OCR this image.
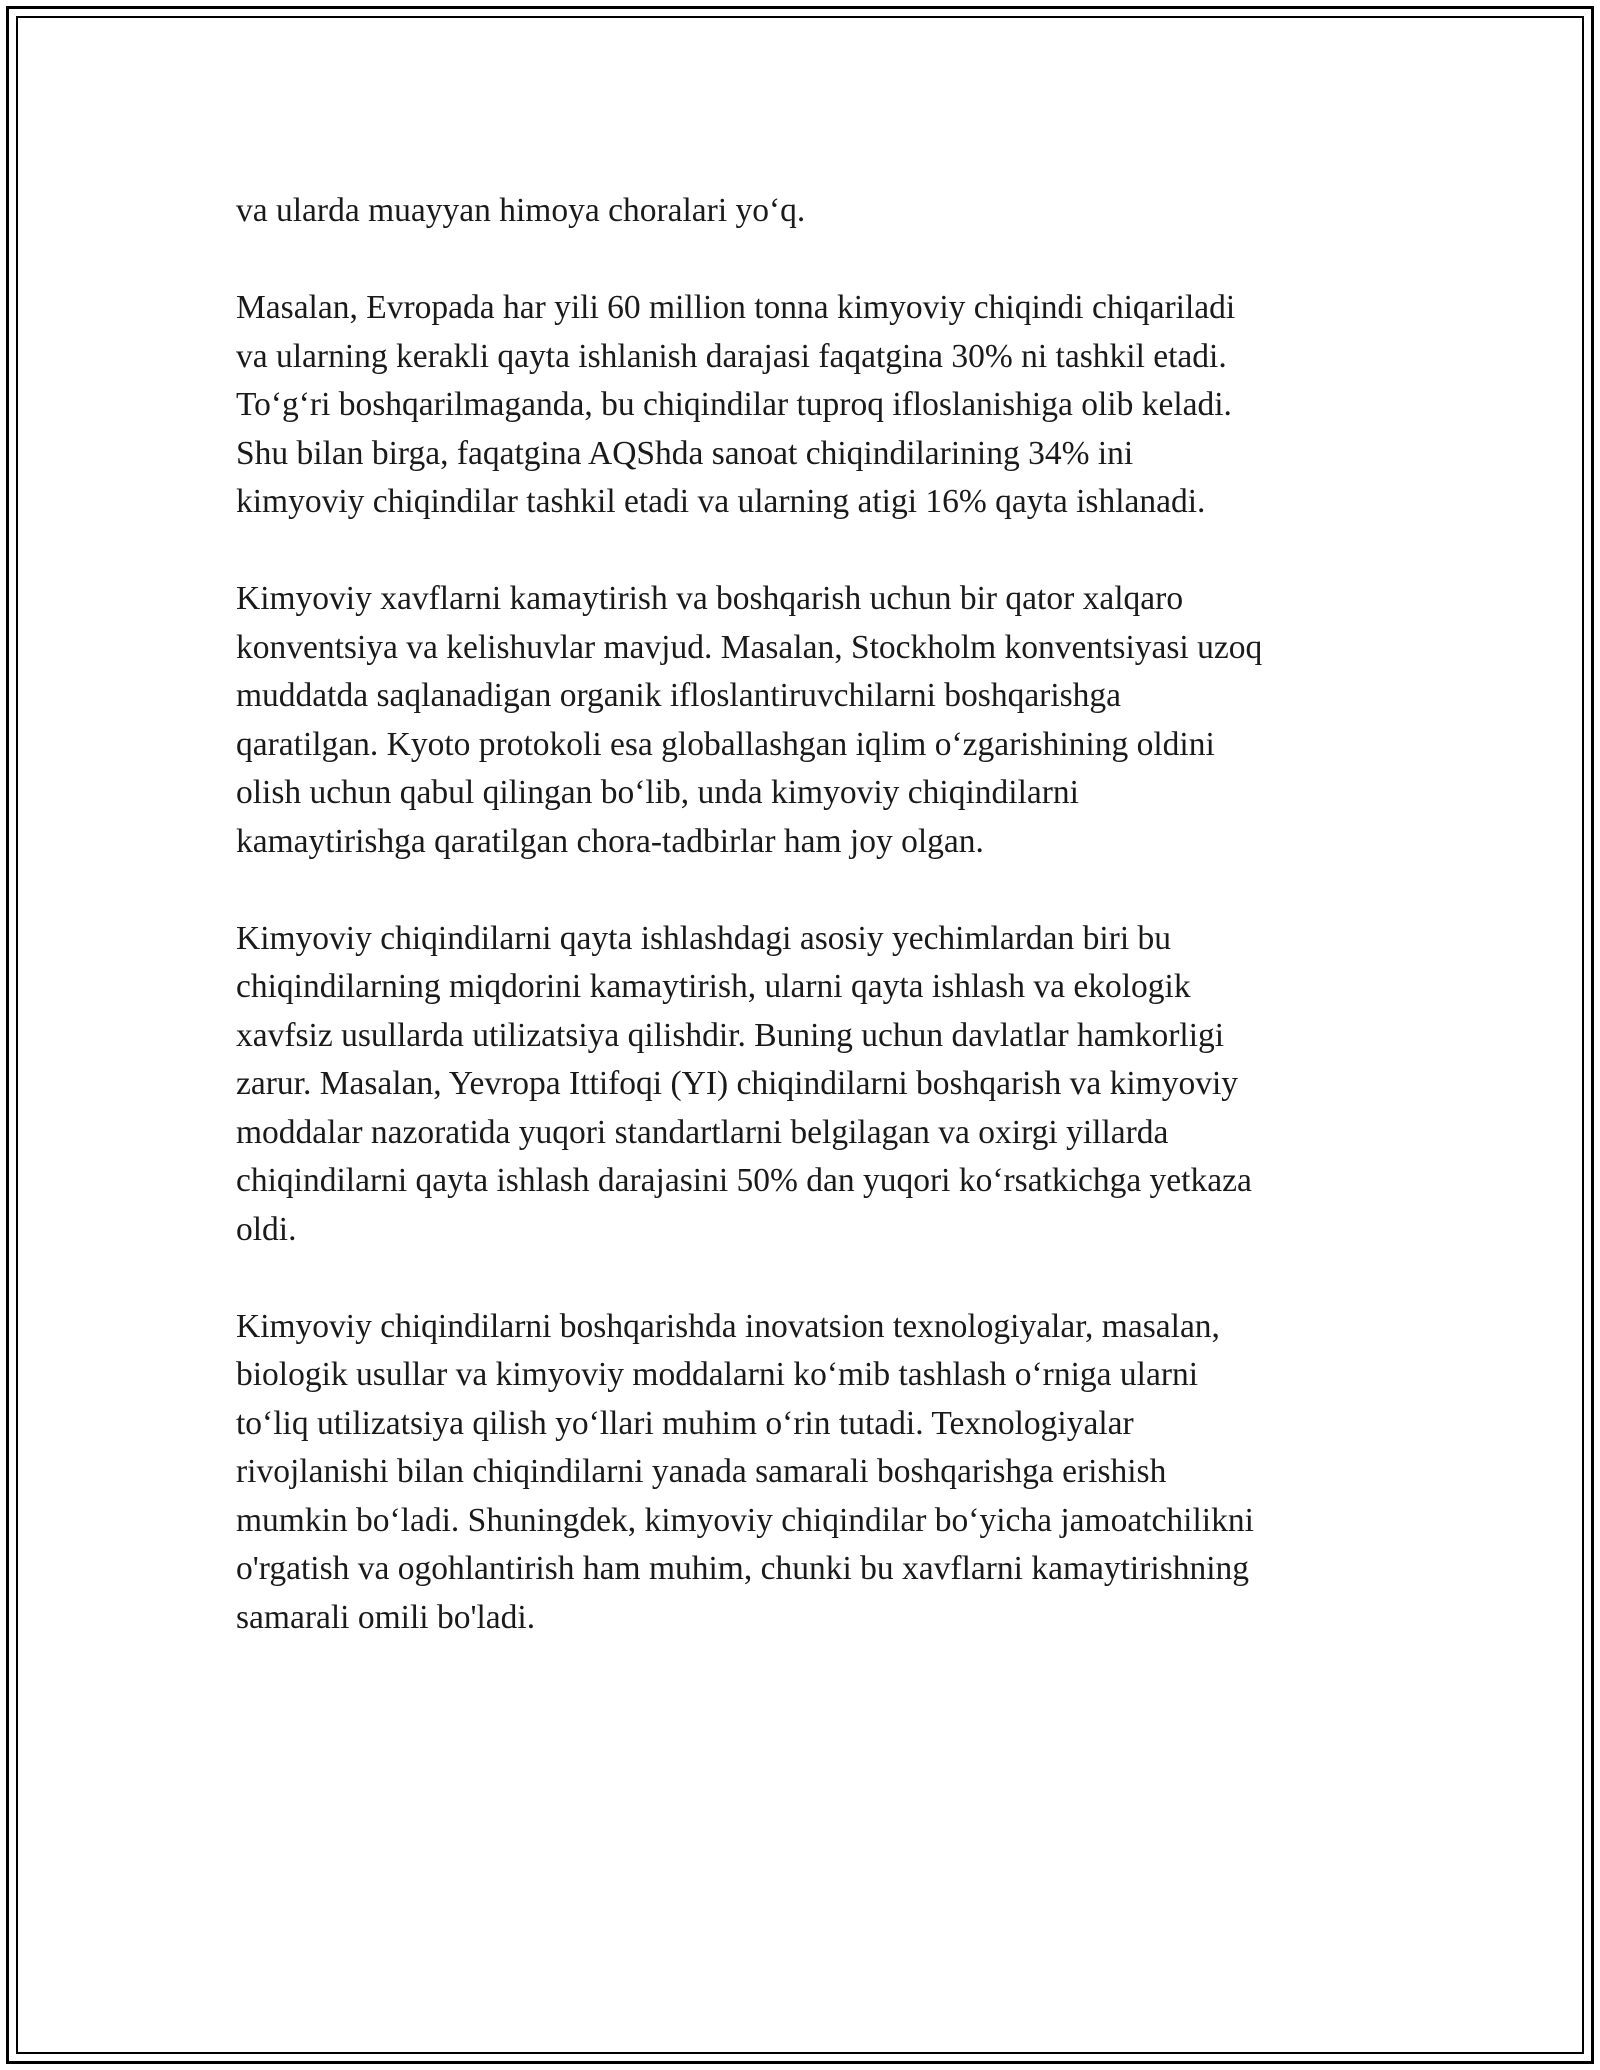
va ularda muayyan himoya choralari yo‘q.

Masalan, Evropada har yili 60 million tonna kimyoviy chiqindi chiqariladi
va ularning kerakli qayta ishlanish darajasi faqatgina 30% ni tashkil etadi.
To‘g‘ri boshqarilmaganda, bu chiqindilar tuproq ifloslanishiga olib keladi.
Shu bilan birga, faqatgina AQShda sanoat chiqindilarining 34% ini
kimyoviy chiqindilar tashkil etadi va ularning atigi 16% qayta ishlanadi.

Kimyoviy xavflarni kamaytirish va boshqarish uchun bir qator xalqaro
konventsiya va kelishuvlar mavjud. Masalan, Stockholm konventsiyasi uzoq
muddatda saqlanadigan organik ifloslantiruvchilarni boshqarishga
qaratilgan. Kyoto protokoli esa globallashgan iqlim o‘zgarishining oldini
olish uchun qabul qilingan bo‘lib, unda kimyoviy chiqindilarni
kamaytirishga qaratilgan chora-tadbirlar ham joy olgan.

Kimyoviy chiqindilarni qayta ishlashdagi asosiy yechimlardan biri bu
chiqindilarning miqdorini kamaytirish, ularni qayta ishlash va ekologik
xavfsiz usullarda utilizatsiya qilishdir. Buning uchun davlatlar hamkorligi
zarur. Masalan, Yevropa Ittifoqi (YI) chiqindilarni boshqarish va kimyoviy
moddalar nazoratida yuqori standartlarni belgilagan va oxirgi yillarda
chiqindilarni qayta ishlash darajasini 50% dan yuqori ko‘rsatkichga yetkaza
oldi.

Kimyoviy chiqindilarni boshqarishda inovatsion texnologiyalar, masalan,
biologik usullar va kimyoviy moddalarni ko‘mib tashlash o‘rniga ularni
to‘liq utilizatsiya qilish yo‘llari muhim o‘rin tutadi. Texnologiyalar
rivojlanishi bilan chiqindilarni yanada samarali boshqarishga erishish
mumkin bo‘ladi. Shuningdek, kimyoviy chiqindilar bo‘yicha jamoatchilikni
o'rgatish va ogohlantirish ham muhim, chunki bu xavflarni kamaytirishning
samarali omili bo'ladi.
